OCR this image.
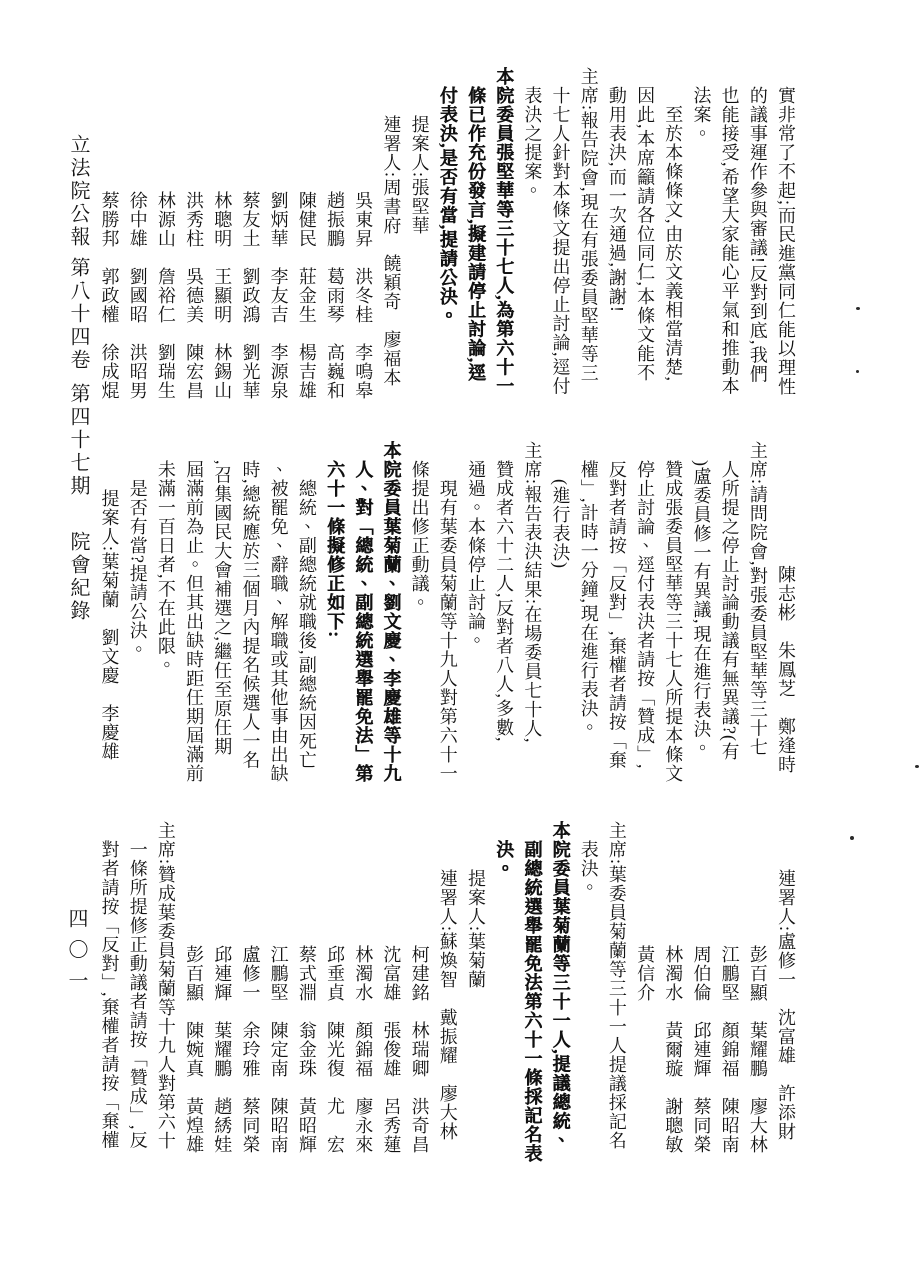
立法院公報
第八十四卷
第四十七期
院會紀錄
四〇一
實非常了不起;而民進黨同仁能以理性
的議事運作參與審議!反對到底,我們
也能接受,希望大家能心平氣和推動本
法案。
至於本條條文,由於文義相當清楚,
因此,本席籲請各位同仁,本條文能不
動用表決,而一次通過,謝謝!
主席:報告院會,現在有張委員堅華等三
十七人針對本條文提出停止討論,逕付
表決之提案。
本院委員張堅華等三十七人,為第六十一
條已作充份發言,擬建請停止討論,逕
付表決,是否有當,提請公決。
提案人:張堅華
連署人:周書府　饒穎奇　廖福本
吳東昇　洪冬桂　李鳴皋
趙振鵬　葛雨琴　高巍和
陳健民　莊金生　楊吉雄
劉炳華　李友吉　李源泉
蔡友土　劉政鴻　劉光華
林聰明　王顯明　林錫山
洪秀柱　吳德美　陳宏昌
林源山　詹裕仁　劉瑞生
徐中雄　劉國昭　洪昭男
蔡勝邦　郭政權　徐成焜
陳志彬　朱鳳芝　鄭逢時
主席:請問院會,對張委員堅華等三十七
人所提之停止討論動議有無異議?(有
)盧委員修一有異議,現在進行表決。
贊成張委員堅華等三十七人所提本條文
停止討論、逕付表決者請按「贊成」,
反對者請按「反對」,棄權者請按「棄
權」,計時一分鐘,現在進行表決。
(進行表決)
主席:報告表決結果:在場委員七十人,
贊成者六十二人,反對者八人,多數,
通過。本條停止討論。
現有葉委員菊蘭等十九人對第六十一
條提出修正動議。
本院委員葉菊蘭、劉文慶、李慶雄等十九
人、對「總統、副總統選舉罷免法」第
六十一條擬修正如下:
總統、副總統就職後,副總統因死亡
、被罷免、辭職、解職或其他事由出缺
時,總統應於三個月內提名候選人一名
,召集國民大會補選之,繼任至原任期
屆滿前為止。但其出缺時距任期屆滿前
未滿一百日者,不在此限。
是否有當?提請公決。
提案人:葉菊蘭　劉文慶　李慶雄
連署人:盧修一　沈富雄　許添財
彭百顯　葉耀鵬　廖大林
江鵬堅　顏錦福　陳昭南
周伯倫　邱連輝　蔡同榮
林濁水　黃爾璇　謝聰敏
黃信介
主席:葉委員菊蘭等三十一人提議採記名
表決。
本院委員葉菊蘭等三十一人,提議總統、
副總統選舉罷免法第六十一條採記名表
決。
提案人:葉菊蘭
連署人:蘇煥智　戴振耀　廖大林
柯建銘　林瑞卿　洪奇昌
沈富雄　張俊雄　呂秀蓮
林濁水　顏錦福　廖永來
邱垂貞　陳光復　尤　宏
蔡式淵　翁金珠　黃昭輝
江鵬堅　陳定南　陳昭南
盧修一　余玲雅　蔡同榮
邱連輝　葉耀鵬　趙綉娃
彭百顯　陳婉真　黃煌雄
主席:贊成葉委員菊蘭等十九人對第六十
一條所提修正動議者請按「贊成」,反
對者請按「反對」,棄權者請按「棄權
